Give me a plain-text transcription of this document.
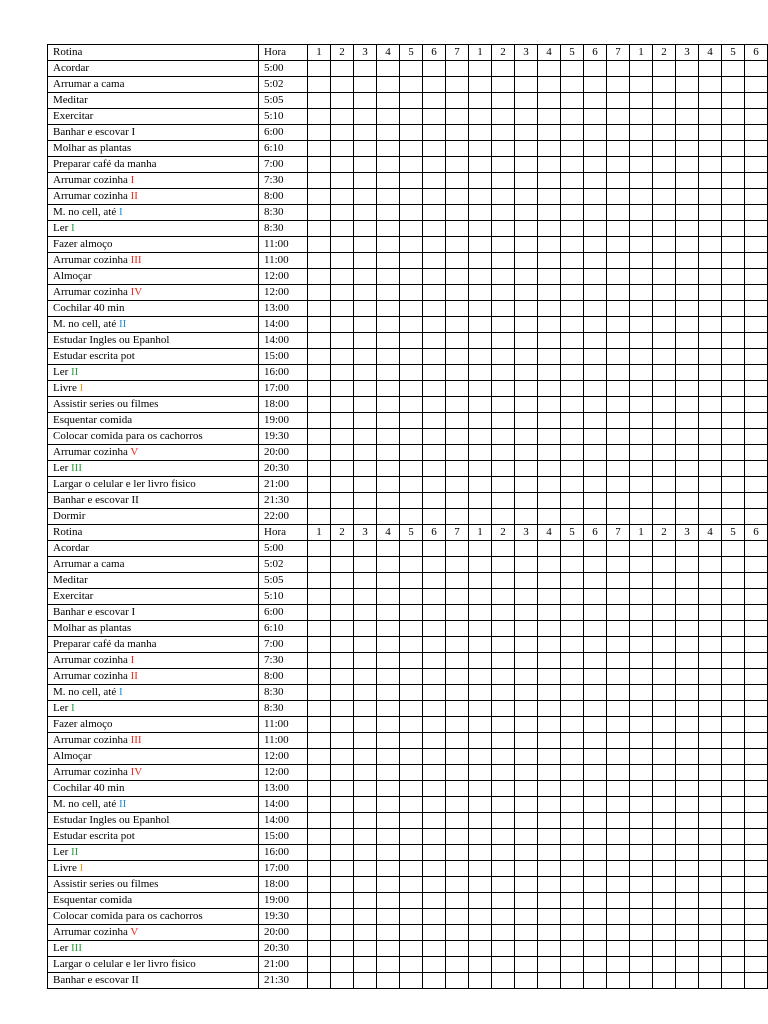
Rotina	Hora	1	2	3	4	5	6	7	1	2	3	4	5	6	7	1	2	3	4	5	6
Acordar	5:00																				
Arrumar a cama	5:02																				
Meditar	5:05																				
Exercitar	5:10																				
Banhar e escovar I	6:00																				
Molhar as plantas	6:10																				
Preparar café da manha	7:00																				
Arrumar cozinha I	7:30																				
Arrumar cozinha II	8:00																				
M. no cell, até I	8:30																				
Ler I	8:30																				
Fazer almoço	11:00																				
Arrumar cozinha III	11:00																				
Almoçar	12:00																				
Arrumar cozinha IV	12:00																				
Cochilar 40 min	13:00																				
M. no cell, até II	14:00																				
Estudar Ingles ou Epanhol	14:00																				
Estudar escrita pot	15:00																				
Ler II	16:00																				
Livre I	17:00																				
Assistir series ou filmes	18:00																				
Esquentar comida	19:00																				
Colocar comida para os cachorros	19:30																				
Arrumar cozinha V	20:00																				
Ler III	20:30																				
Largar o celular e ler livro fisico	21:00																				
Banhar e escovar II	21:30																				
Dormir	22:00																				
Rotina	Hora	1	2	3	4	5	6	7	1	2	3	4	5	6	7	1	2	3	4	5	6
Acordar	5:00																				
Arrumar a cama	5:02																				
Meditar	5:05																				
Exercitar	5:10																				
Banhar e escovar I	6:00																				
Molhar as plantas	6:10																				
Preparar café da manha	7:00																				
Arrumar cozinha I	7:30																				
Arrumar cozinha II	8:00																				
M. no cell, até I	8:30																				
Ler I	8:30																				
Fazer almoço	11:00																				
Arrumar cozinha III	11:00																				
Almoçar	12:00																				
Arrumar cozinha IV	12:00																				
Cochilar 40 min	13:00																				
M. no cell, até II	14:00																				
Estudar Ingles ou Epanhol	14:00																				
Estudar escrita pot	15:00																				
Ler II	16:00																				
Livre I	17:00																				
Assistir series ou filmes	18:00																				
Esquentar comida	19:00																				
Colocar comida para os cachorros	19:30																				
Arrumar cozinha V	20:00																				
Ler III	20:30																				
Largar o celular e ler livro fisico	21:00																				
Banhar e escovar II	21:30																				
